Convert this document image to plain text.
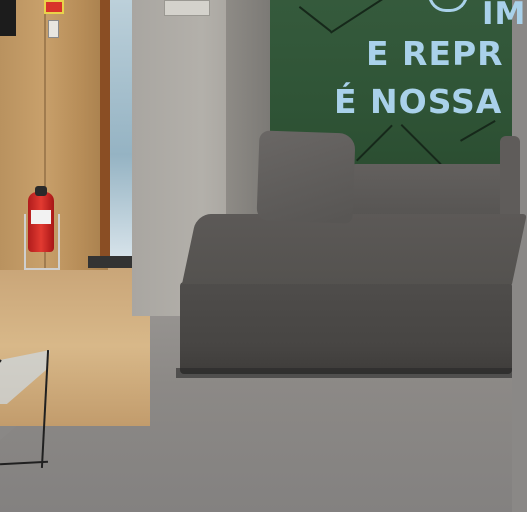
IM
E REPR
É NOSSA
